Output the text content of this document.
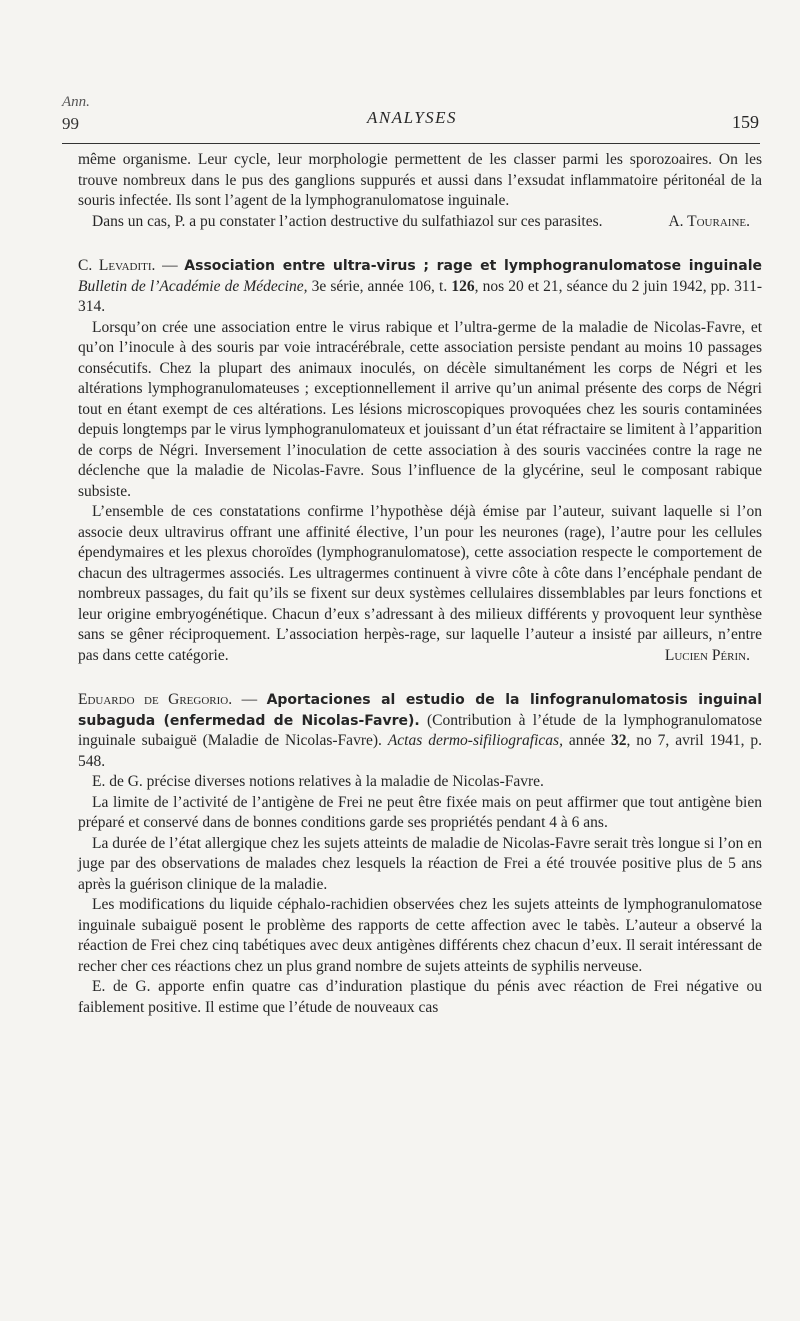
Ann.
99	ANALYSES	159

même organisme. Leur cycle, leur morphologie permettent de les classer parmi les sporozoaires. On les trouve nombreux dans le pus des ganglions suppurés et aussi dans l’exsudat inflammatoire péritonéal de la souris infectée. Ils sont l’agent de la lymphogranulomatose inguinale.

Dans un cas, P. a pu constater l’action destructive du sulfathiazol sur ces parasites.	A. Touraine.

C. Levaditi. — Association entre ultra-virus ; rage et lymphogranulomatose inguinale Bulletin de l’Académie de Médecine, 3e série, année 106, t. 126, nos 20 et 21, séance du 2 juin 1942, pp. 311-314.

Lorsqu’on crée une association entre le virus rabique et l’ultra-germe de la maladie de Nicolas-Favre, et qu’on l’inocule à des souris par voie intracérébrale, cette association persiste pendant au moins 10 passages consécutifs. Chez la plupart des animaux inoculés, on décèle simultanément les corps de Négri et les altérations lymphogranulomateuses ; exceptionnellement il arrive qu’un animal présente des corps de Négri tout en étant exempt de ces altérations. Les lésions microscopiques provoquées chez les souris contaminées depuis longtemps par le virus lymphogranulomateux et jouissant d’un état réfractaire se limitent à l’apparition de corps de Négri. Inversement l’inoculation de cette association à des souris vaccinées contre la rage ne déclenche que la maladie de Nicolas-Favre. Sous l’influence de la glycérine, seul le composant rabique subsiste.

L’ensemble de ces constatations confirme l’hypothèse déjà émise par l’auteur, suivant laquelle si l’on associe deux ultravirus offrant une affinité élective, l’un pour les neurones (rage), l’autre pour les cellules épendymaires et les plexus choroïdes (lymphogranulomatose), cette association respecte le comportement de chacun des ultragermes associés. Les ultragermes continuent à vivre côte à côte dans l’encéphale pendant de nombreux passages, du fait qu’ils se fixent sur deux systèmes cellulaires dissemblables par leurs fonctions et leur origine embryogénétique. Chacun d’eux s’adressant à des milieux différents y provoquent leur synthèse sans se gêner réciproquement. L’association herpès-rage, sur laquelle l’auteur a insisté par ailleurs, n’entre pas dans cette catégorie.	Lucien Périn.

Eduardo de Gregorio. — Aportaciones al estudio de la linfogranulomatosis inguinal subaguda (enfermedad de Nicolas-Favre). (Contribution à l’étude de la lymphogranulomatose inguinale subaiguë (Maladie de Nicolas-Favre). Actas dermo-sifiliograficas, année 32, no 7, avril 1941, p. 548.

E. de G. précise diverses notions relatives à la maladie de Nicolas-Favre.

La limite de l’activité de l’antigène de Frei ne peut être fixée mais on peut affirmer que tout antigène bien préparé et conservé dans de bonnes conditions garde ses propriétés pendant 4 à 6 ans.

La durée de l’état allergique chez les sujets atteints de maladie de Nicolas-Favre serait très longue si l’on en juge par des observations de malades chez lesquels la réaction de Frei a été trouvée positive plus de 5 ans après la guérison clinique de la maladie.

Les modifications du liquide céphalo-rachidien observées chez les sujets atteints de lymphogranulomatose inguinale subaiguë posent le problème des rapports de cette affection avec le tabès. L’auteur a observé la réaction de Frei chez cinq tabétiques avec deux antigènes différents chez chacun d’eux. Il serait intéressant de recher cher ces réactions chez un plus grand nombre de sujets atteints de syphilis nerveuse.

E. de G. apporte enfin quatre cas d’induration plastique du pénis avec réaction de Frei négative ou faiblement positive. Il estime que l’étude de nouveaux cas
